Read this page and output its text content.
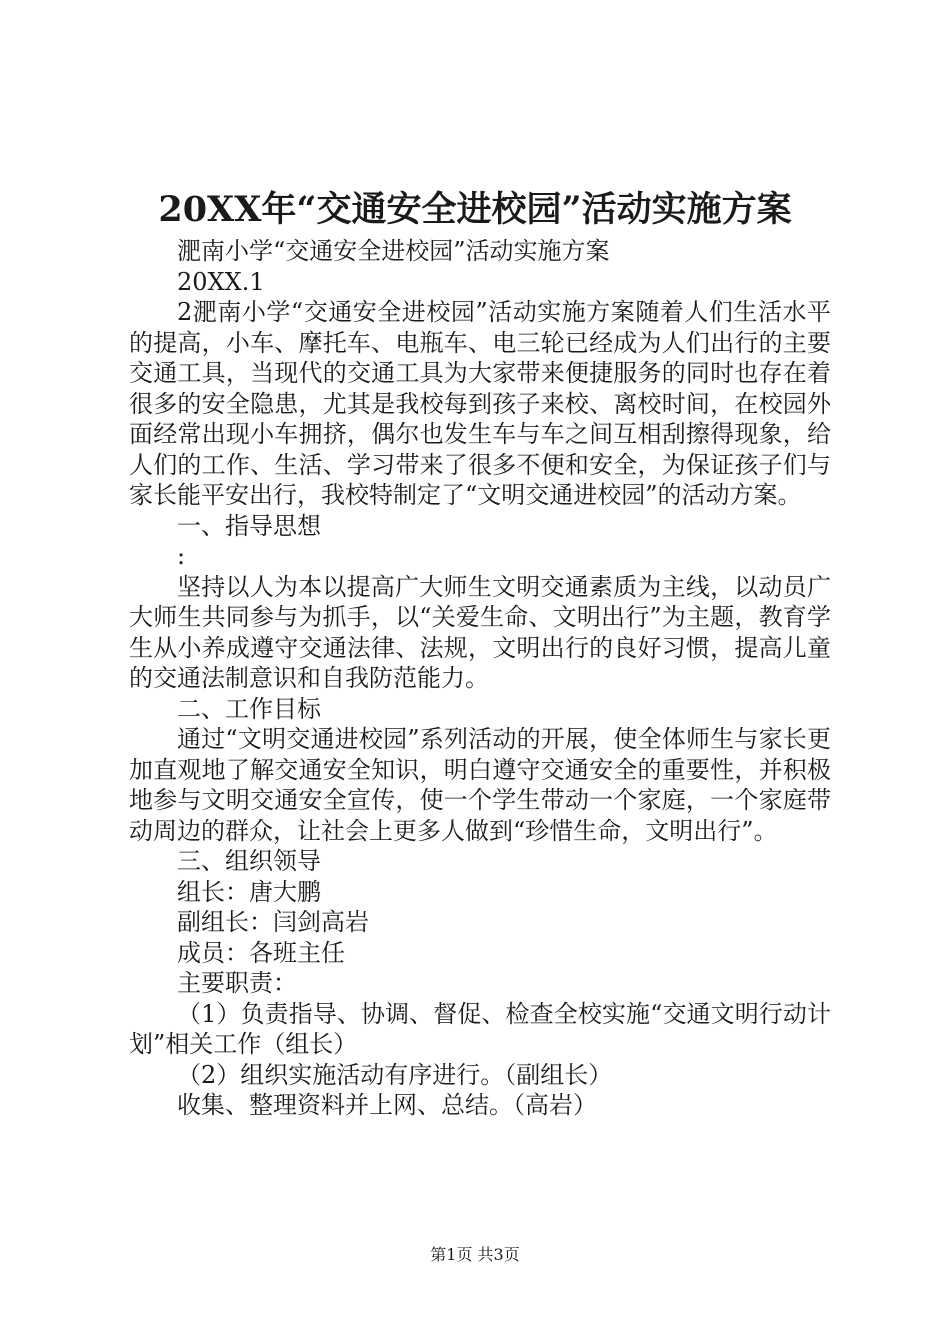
20XX年“交通安全进校园”活动实施方案

淝南小学“交通安全进校园”活动实施方案

20XX.1

2淝南小学“交通安全进校园”活动实施方案随着人们生活水平的提高，小车、摩托车、电瓶车、电三轮已经成为人们出行的主要交通工具，当现代的交通工具为大家带来便捷服务的同时也存在着很多的安全隐患，尤其是我校每到孩子来校、离校时间，在校园外面经常出现小车拥挤，偶尔也发生车与车之间互相刮擦得现象，给人们的工作、生活、学习带来了很多不便和安全，为保证孩子们与家长能平安出行，我校特制定了“文明交通进校园”的活动方案。

一、指导思想

:

坚持以人为本以提高广大师生文明交通素质为主线，以动员广大师生共同参与为抓手，以“关爱生命、文明出行”为主题，教育学生从小养成遵守交通法律、法规，文明出行的良好习惯，提高儿童的交通法制意识和自我防范能力。

二、工作目标

通过“文明交通进校园”系列活动的开展，使全体师生与家长更加直观地了解交通安全知识，明白遵守交通安全的重要性，并积极地参与文明交通安全宣传，使一个学生带动一个家庭，一个家庭带动周边的群众，让社会上更多人做到“珍惜生命，文明出行”。

三、组织领导

组长：唐大鹏

副组长：闫剑高岩

成员：各班主任

主要职责：

（1）负责指导、协调、督促、检查全校实施“交通文明行动计划”相关工作（组长）

（2）组织实施活动有序进行。（副组长）

收集、整理资料并上网、总结。（高岩）

第1页 共3页
